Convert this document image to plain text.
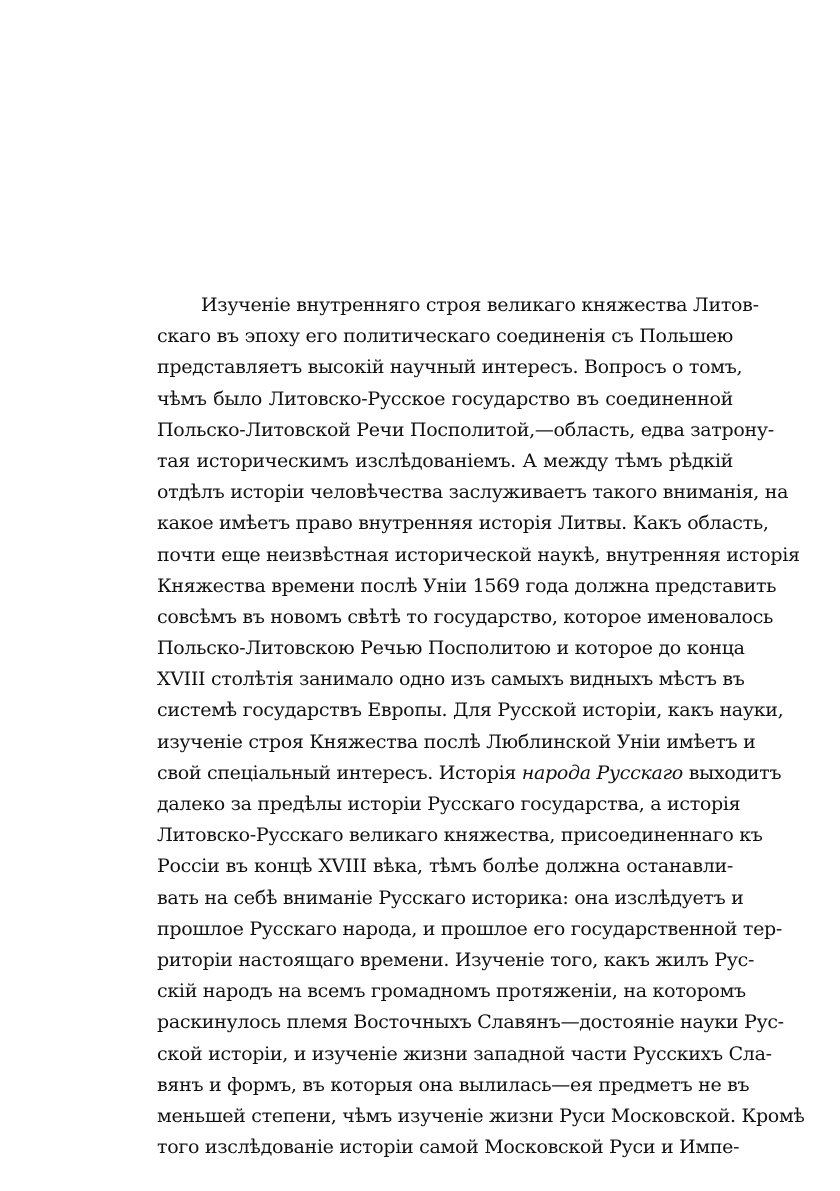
Изученіе внутренняго строя великаго княжества Литов-
скаго въ эпоху его политическаго соединенія съ Польшею
представляетъ высокій научный интересъ. Вопросъ о томъ,
чѣмъ было Литовско-Русское государство въ соединенной
Польско-Литовской Речи Посполитой,—область, едва затрону-
тая историческимъ изслѣдованіемъ. А между тѣмъ рѣдкій
отдѣлъ исторіи человѣчества заслуживаетъ такого вниманія, на
какое имѣетъ право внутренняя исторія Литвы. Какъ область,
почти еще неизвѣстная исторической наукѣ, внутренняя исторія
Княжества времени послѣ Уніи 1569 года должна представить
совсѣмъ въ новомъ свѣтѣ то государство, которое именовалось
Польско-Литовскою Речью Посполитою и которое до конца
XVIII столѣтія занимало одно изъ самыхъ видныхъ мѣстъ въ
системѣ государствъ Европы. Для Русской исторіи, какъ науки,
изученіе строя Княжества послѣ Люблинской Уніи имѣетъ и
свой спеціальный интересъ. Исторія народа Русскаго выходитъ
далеко за предѣлы исторіи Русскаго государства, а исторія
Литовско-Русскаго великаго княжества, присоединеннаго къ
Россіи въ концѣ XVIII вѣка, тѣмъ болѣе должна останавли-
вать на себѣ вниманіе Русскаго историка: она изслѣдуетъ и
прошлое Русскаго народа, и прошлое его государственной тер-
риторіи настоящаго времени. Изученіе того, какъ жилъ Рус-
скій народъ на всемъ громадномъ протяженіи, на которомъ
раскинулось племя Восточныхъ Славянъ—достояніе науки Рус-
ской исторіи, и изученіе жизни западной части Русскихъ Сла-
вянъ и формъ, въ которыя она вылилась—ея предметъ не въ
меньшей степени, чѣмъ изученіе жизни Руси Московской. Кромѣ
того изслѣдованіе исторіи самой Московской Руси и Импе-
